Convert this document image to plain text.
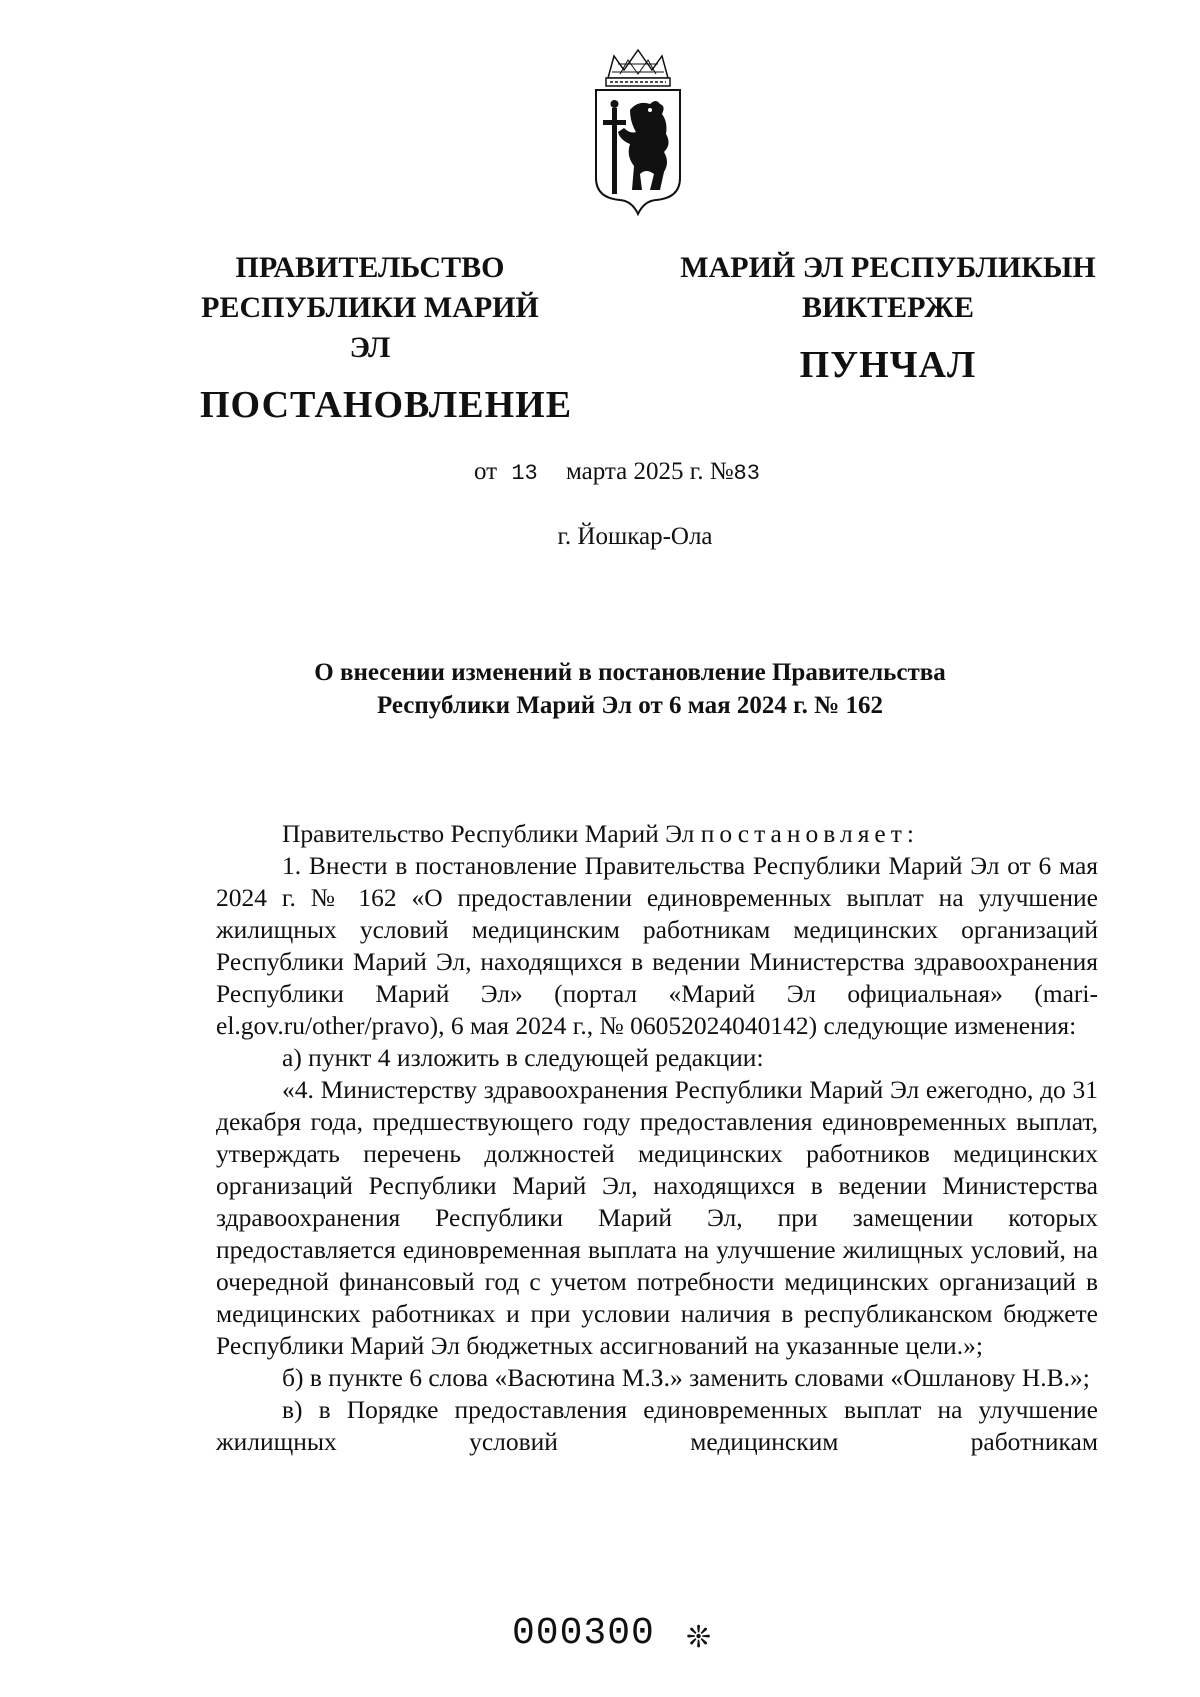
ПРАВИТЕЛЬСТВО
РЕСПУБЛИКИ МАРИЙ ЭЛ
ПОСТАНОВЛЕНИЕ
МАРИЙ ЭЛ РЕСПУБЛИКЫН
ВИКТЕРЖЕ
ПУНЧАЛ
от 13 марта 2025 г. №83
г. Йошкар-Ола
О внесении изменений в постановление Правительства
Республики Марий Эл от 6 мая 2024 г. № 162

Правительство Республики Марий Эл постановляет:

1. Внести в постановление Правительства Республики Марий Эл от 6 мая 2024 г. № 162 «О предоставлении единовременных выплат на улучшение жилищных условий медицинским работникам медицинских организаций Республики Марий Эл, находящихся в ведении Министерства здравоохранения Республики Марий Эл» (портал «Марий Эл официальная» (mari-el.gov.ru/other/pravo), 6 мая 2024 г., № 06052024040142) следующие изменения:

а) пункт 4 изложить в следующей редакции:

«4. Министерству здравоохранения Республики Марий Эл ежегодно, до 31 декабря года, предшествующего году предоставления единовременных выплат, утверждать перечень должностей медицинских работников медицинских организаций Республики Марий Эл, находящихся в ведении Министерства здравоохранения Республики Марий Эл, при замещении которых предоставляется единовременная выплата на улучшение жилищных условий, на очередной финансовый год с учетом потребности медицинских организаций в медицинских работниках и при условии наличия в республиканском бюджете Республики Марий Эл бюджетных ассигнований на указанные цели.»;

б) в пункте 6 слова «Васютина М.З.» заменить словами «Ошланову Н.В.»;

в) в Порядке предоставления единовременных выплат на улучшение жилищных условий медицинским работникам

000300 ❊
